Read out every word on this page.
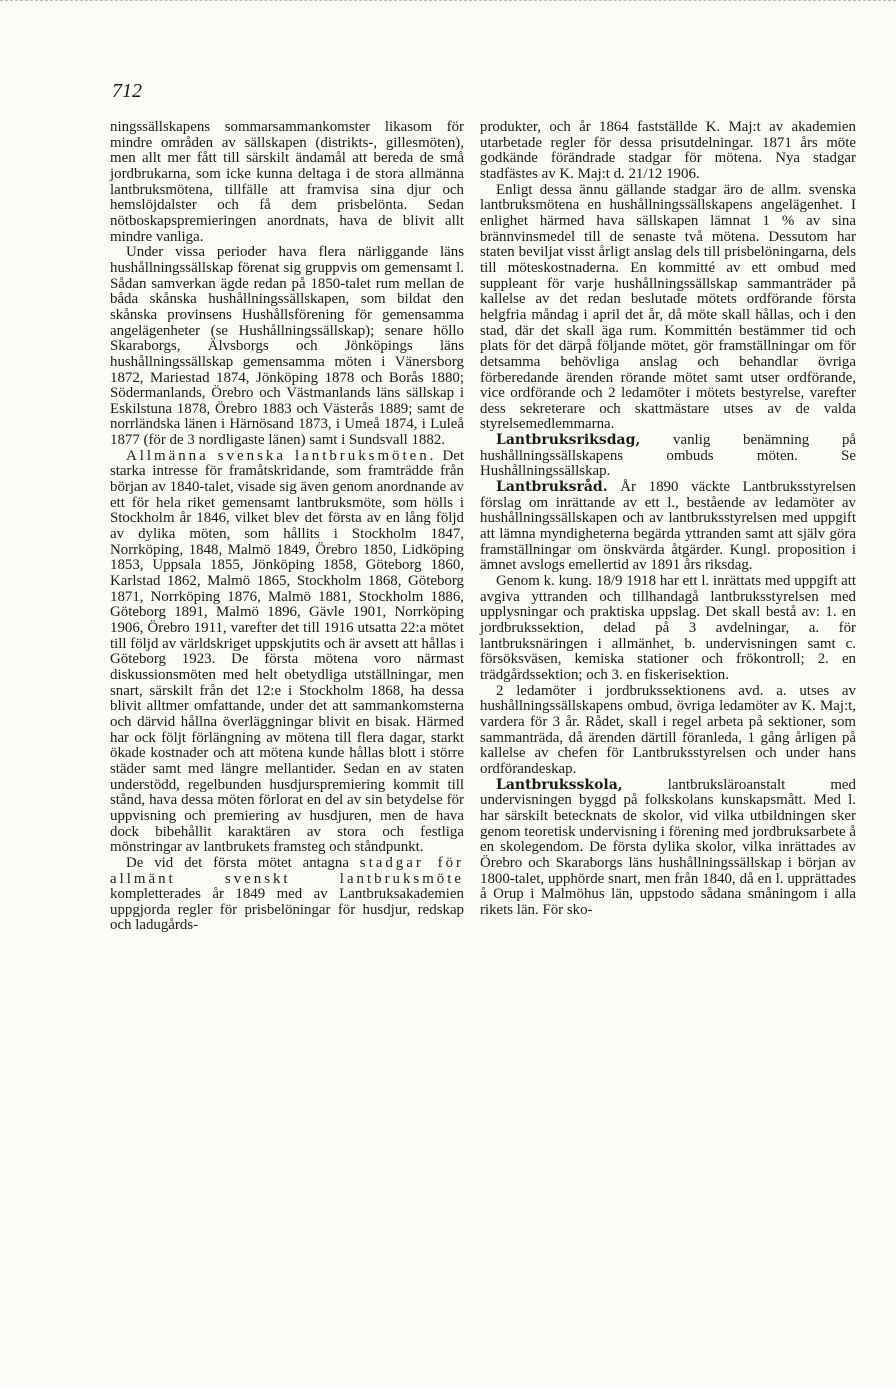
712

ningssällskapens sommarsammankomster likasom för mindre områden av sällskapen (distrikts-, gillesmöten), men allt mer fått till särskilt ändamål att bereda de små jordbrukarna, som icke kunna deltaga i de stora allmänna lantbruksmötena, tillfälle att framvisa sina djur och hemslöjdalster och få dem prisbelönta. Sedan nötboskapspremieringen anordnats, hava de blivit allt mindre vanliga.

Under vissa perioder hava flera närliggande läns hushållningssällskap förenat sig gruppvis om gemensamt l. Sådan samverkan ägde redan på 1850-talet rum mellan de båda skånska hushållningssällskapen, som bildat den skånska provinsens Hushållsförening för gemensamma angelägenheter (se Hushållningssällskap); senare höllo Skaraborgs, Älvsborgs och Jönköpings läns hushållningssällskap gemensamma möten i Vänersborg 1872, Mariestad 1874, Jönköping 1878 och Borås 1880; Södermanlands, Örebro och Västmanlands läns sällskap i Eskilstuna 1878, Örebro 1883 och Västerås 1889; samt de norrländska länen i Härnösand 1873, i Umeå 1874, i Luleå 1877 (för de 3 nordligaste länen) samt i Sundsvall 1882.

Allmänna svenska lantbruksmöten. Det starka intresse för framåtskridande, som framträdde från början av 1840-talet, visade sig även genom anordnande av ett för hela riket gemensamt lantbruksmöte, som hölls i Stockholm år 1846, vilket blev det första av en lång följd av dylika möten, som hållits i Stockholm 1847, Norrköping, 1848, Malmö 1849, Örebro 1850, Lidköping 1853, Uppsala 1855, Jönköping 1858, Göteborg 1860, Karlstad 1862, Malmö 1865, Stockholm 1868, Göteborg 1871, Norrköping 1876, Malmö 1881, Stockholm 1886, Göteborg 1891, Malmö 1896, Gävle 1901, Norrköping 1906, Örebro 1911, varefter det till 1916 utsatta 22:a mötet till följd av världskriget uppskjutits och är avsett att hållas i Göteborg 1923. De första mötena voro närmast diskussionsmöten med helt obetydliga utställningar, men snart, särskilt från det 12:e i Stockholm 1868, ha dessa blivit alltmer omfattande, under det att sammankomsterna och därvid hållna överläggningar blivit en bisak. Härmed har ock följt förlängning av mötena till flera dagar, starkt ökade kostnader och att mötena kunde hållas blott i större städer samt med längre mellantider. Sedan en av staten understödd, regelbunden husdjurspremiering kommit till stånd, hava dessa möten förlorat en del av sin betydelse för uppvisning och premiering av husdjuren, men de hava dock bibehållit karaktären av stora och festliga mönstringar av lantbrukets framsteg och ståndpunkt.

De vid det första mötet antagna stadgar för allmänt svenskt lantbruksmöte kompletterades år 1849 med av Lantbruksakademien uppgjorda regler för prisbelöningar för husdjur, redskap och ladugårds-

produkter, och år 1864 fastställde K. Maj:t av akademien utarbetade regler för dessa prisutdelningar. 1871 års möte godkände förändrade stadgar för mötena. Nya stadgar stadfästes av K. Maj:t d. 21/12 1906.

Enligt dessa ännu gällande stadgar äro de allm. svenska lantbruksmötena en hushållningssällskapens angelägenhet. I enlighet härmed hava sällskapen lämnat 1 % av sina brännvinsmedel till de senaste två mötena. Dessutom har staten beviljat visst årligt anslag dels till prisbelöningarna, dels till möteskostnaderna. En kommitté av ett ombud med suppleant för varje hushållningssällskap sammanträder på kallelse av det redan beslutade mötets ordförande första helgfria måndag i april det år, då möte skall hållas, och i den stad, där det skall äga rum. Kommittén bestämmer tid och plats för det därpå följande mötet, gör framställningar om för detsamma behövliga anslag och behandlar övriga förberedande ärenden rörande mötet samt utser ordförande, vice ordförande och 2 ledamöter i mötets bestyrelse, varefter dess sekreterare och skattmästare utses av de valda styrelsemedlemmarna.

Lantbruksriksdag, vanlig benämning på hushållningssällskapens ombuds möten. Se Hushållningssällskap.

Lantbruksråd. År 1890 väckte Lantbruksstyrelsen förslag om inrättande av ett l., bestående av ledamöter av hushållningssällskapen och av lantbruksstyrelsen med uppgift att lämna myndigheterna begärda yttranden samt att själv göra framställningar om önskvärda åtgärder. Kungl. proposition i ämnet avslogs emellertid av 1891 års riksdag.

Genom k. kung. 18/9 1918 har ett l. inrättats med uppgift att avgiva yttranden och tillhandagå lantbruksstyrelsen med upplysningar och praktiska uppslag. Det skall bestå av: 1. en jordbrukssektion, delad på 3 avdelningar, a. för lantbruksnäringen i allmänhet, b. undervisningen samt c. försöksväsen, kemiska stationer och frökontroll; 2. en trädgårdssektion; och 3. en fiskerisektion.

2 ledamöter i jordbrukssektionens avd. a. utses av hushållningssällskapens ombud, övriga ledamöter av K. Maj:t, vardera för 3 år. Rådet, skall i regel arbeta på sektioner, som sammanträda, då ärenden därtill föranleda, 1 gång årligen på kallelse av chefen för Lantbruksstyrelsen och under hans ordförandeskap.

Lantbruksskola, lantbruksläroanstalt med undervisningen byggd på folkskolans kunskapsmått. Med l. har särskilt betecknats de skolor, vid vilka utbildningen sker genom teoretisk undervisning i förening med jordbruksarbete å en skolegendom. De första dylika skolor, vilka inrättades av Örebro och Skaraborgs läns hushållningssällskap i början av 1800-talet, upphörde snart, men från 1840, då en l. upprättades å Orup i Malmöhus län, uppstodo sådana småningom i alla rikets län. För sko-
